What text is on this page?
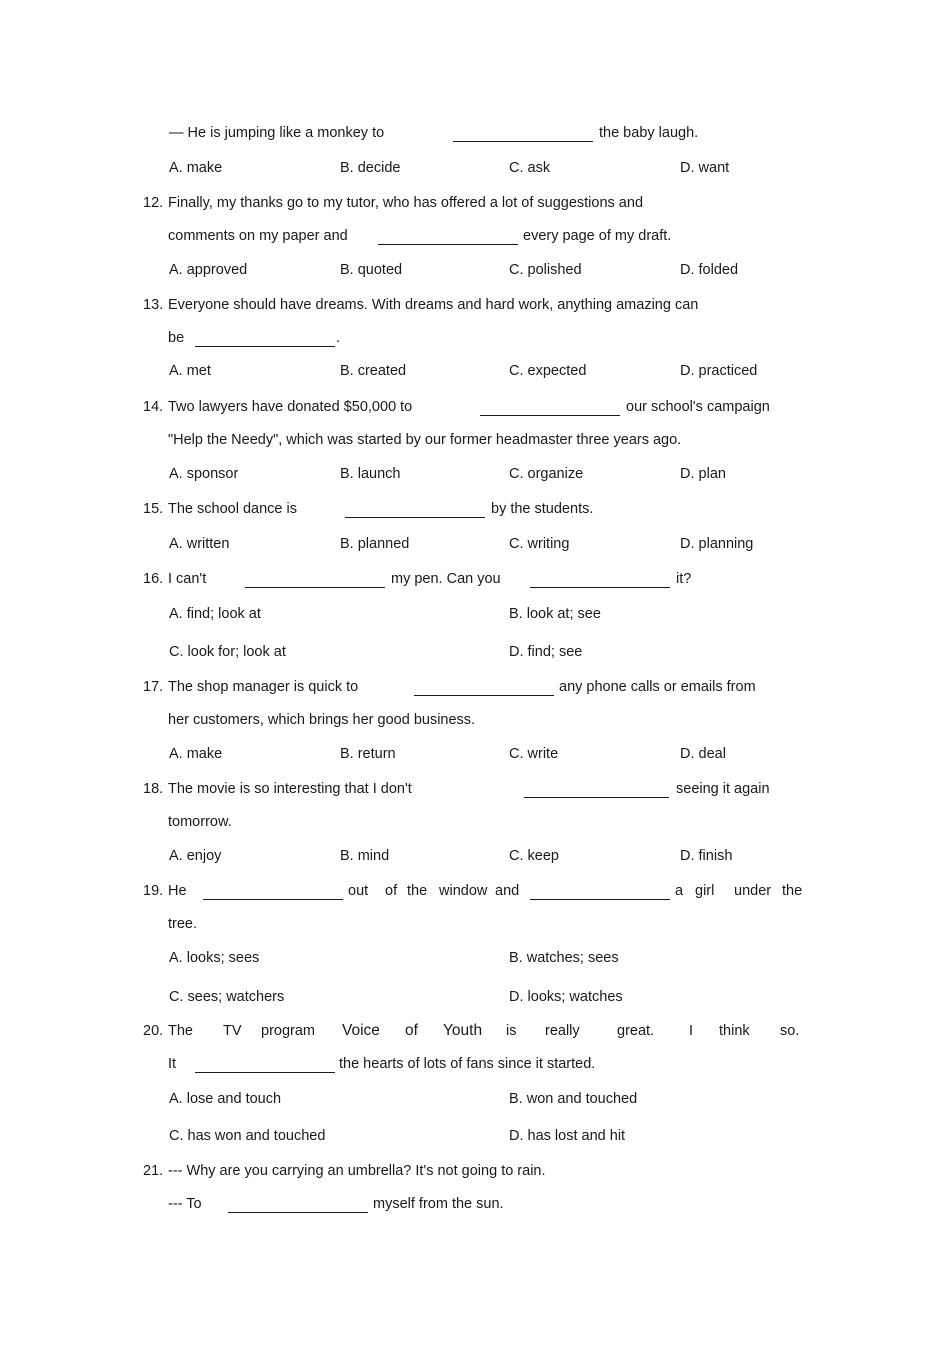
— He is jumping like a monkey to	the baby laugh.
A. make	B. decide	C. ask	D. want
12. Finally, my thanks go to my tutor, who has offered a lot of suggestions and
comments on my paper and	every page of my draft.
A. approved	B. quoted	C. polished	D. folded
13. Everyone should have dreams. With dreams and hard work, anything amazing can
be	.
A. met	B. created	C. expected	D. practiced
14. Two lawyers have donated $50,000 to	our school's campaign
"Help the Needy", which was started by our former headmaster three years ago.
A. sponsor	B. launch	C. organize	D. plan
15. The school dance is	by the students.
A. written	B. planned	C. writing	D. planning
16. I can't	my pen. Can you	it?
A. find; look at	B. look at; see
C. look for; look at	D. find; see
17. The shop manager is quick to	any phone calls or emails from
her customers, which brings her good business.
A. make	B. return	C. write	D. deal
18. The movie is so interesting that I don't	seeing it again
tomorrow.
A. enjoy	B. mind	C. keep	D. finish
19. He	out of the window and	a girl under the
tree.
A. looks; sees	B. watches; sees
C. sees; watchers	D. looks; watches
20. The TV program Voice of Youth is really	great. I think so.
It	the hearts of lots of fans since it started.
A. lose and touch	B. won and touched
C. has won and touched	D. has lost and hit
21. --- Why are you carrying an umbrella? It's not going to rain.
--- To	myself from the sun.
